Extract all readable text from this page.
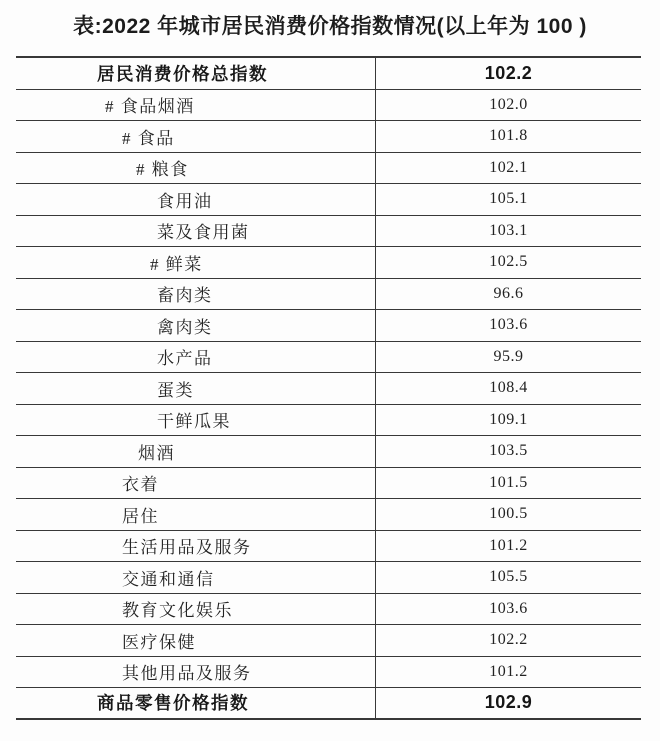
表:2022 年城市居民消费价格指数情况(以上年为 100 )
居民消费价格总指数	102.2
# 食品烟酒	102.0
# 食品	101.8
# 粮食	102.1
食用油	105.1
菜及食用菌	103.1
# 鲜菜	102.5
畜肉类	96.6
禽肉类	103.6
水产品	95.9
蛋类	108.4
干鲜瓜果	109.1
烟酒	103.5
衣着	101.5
居住	100.5
生活用品及服务	101.2
交通和通信	105.5
教育文化娱乐	103.6
医疗保健	102.2
其他用品及服务	101.2
商品零售价格指数	102.9
